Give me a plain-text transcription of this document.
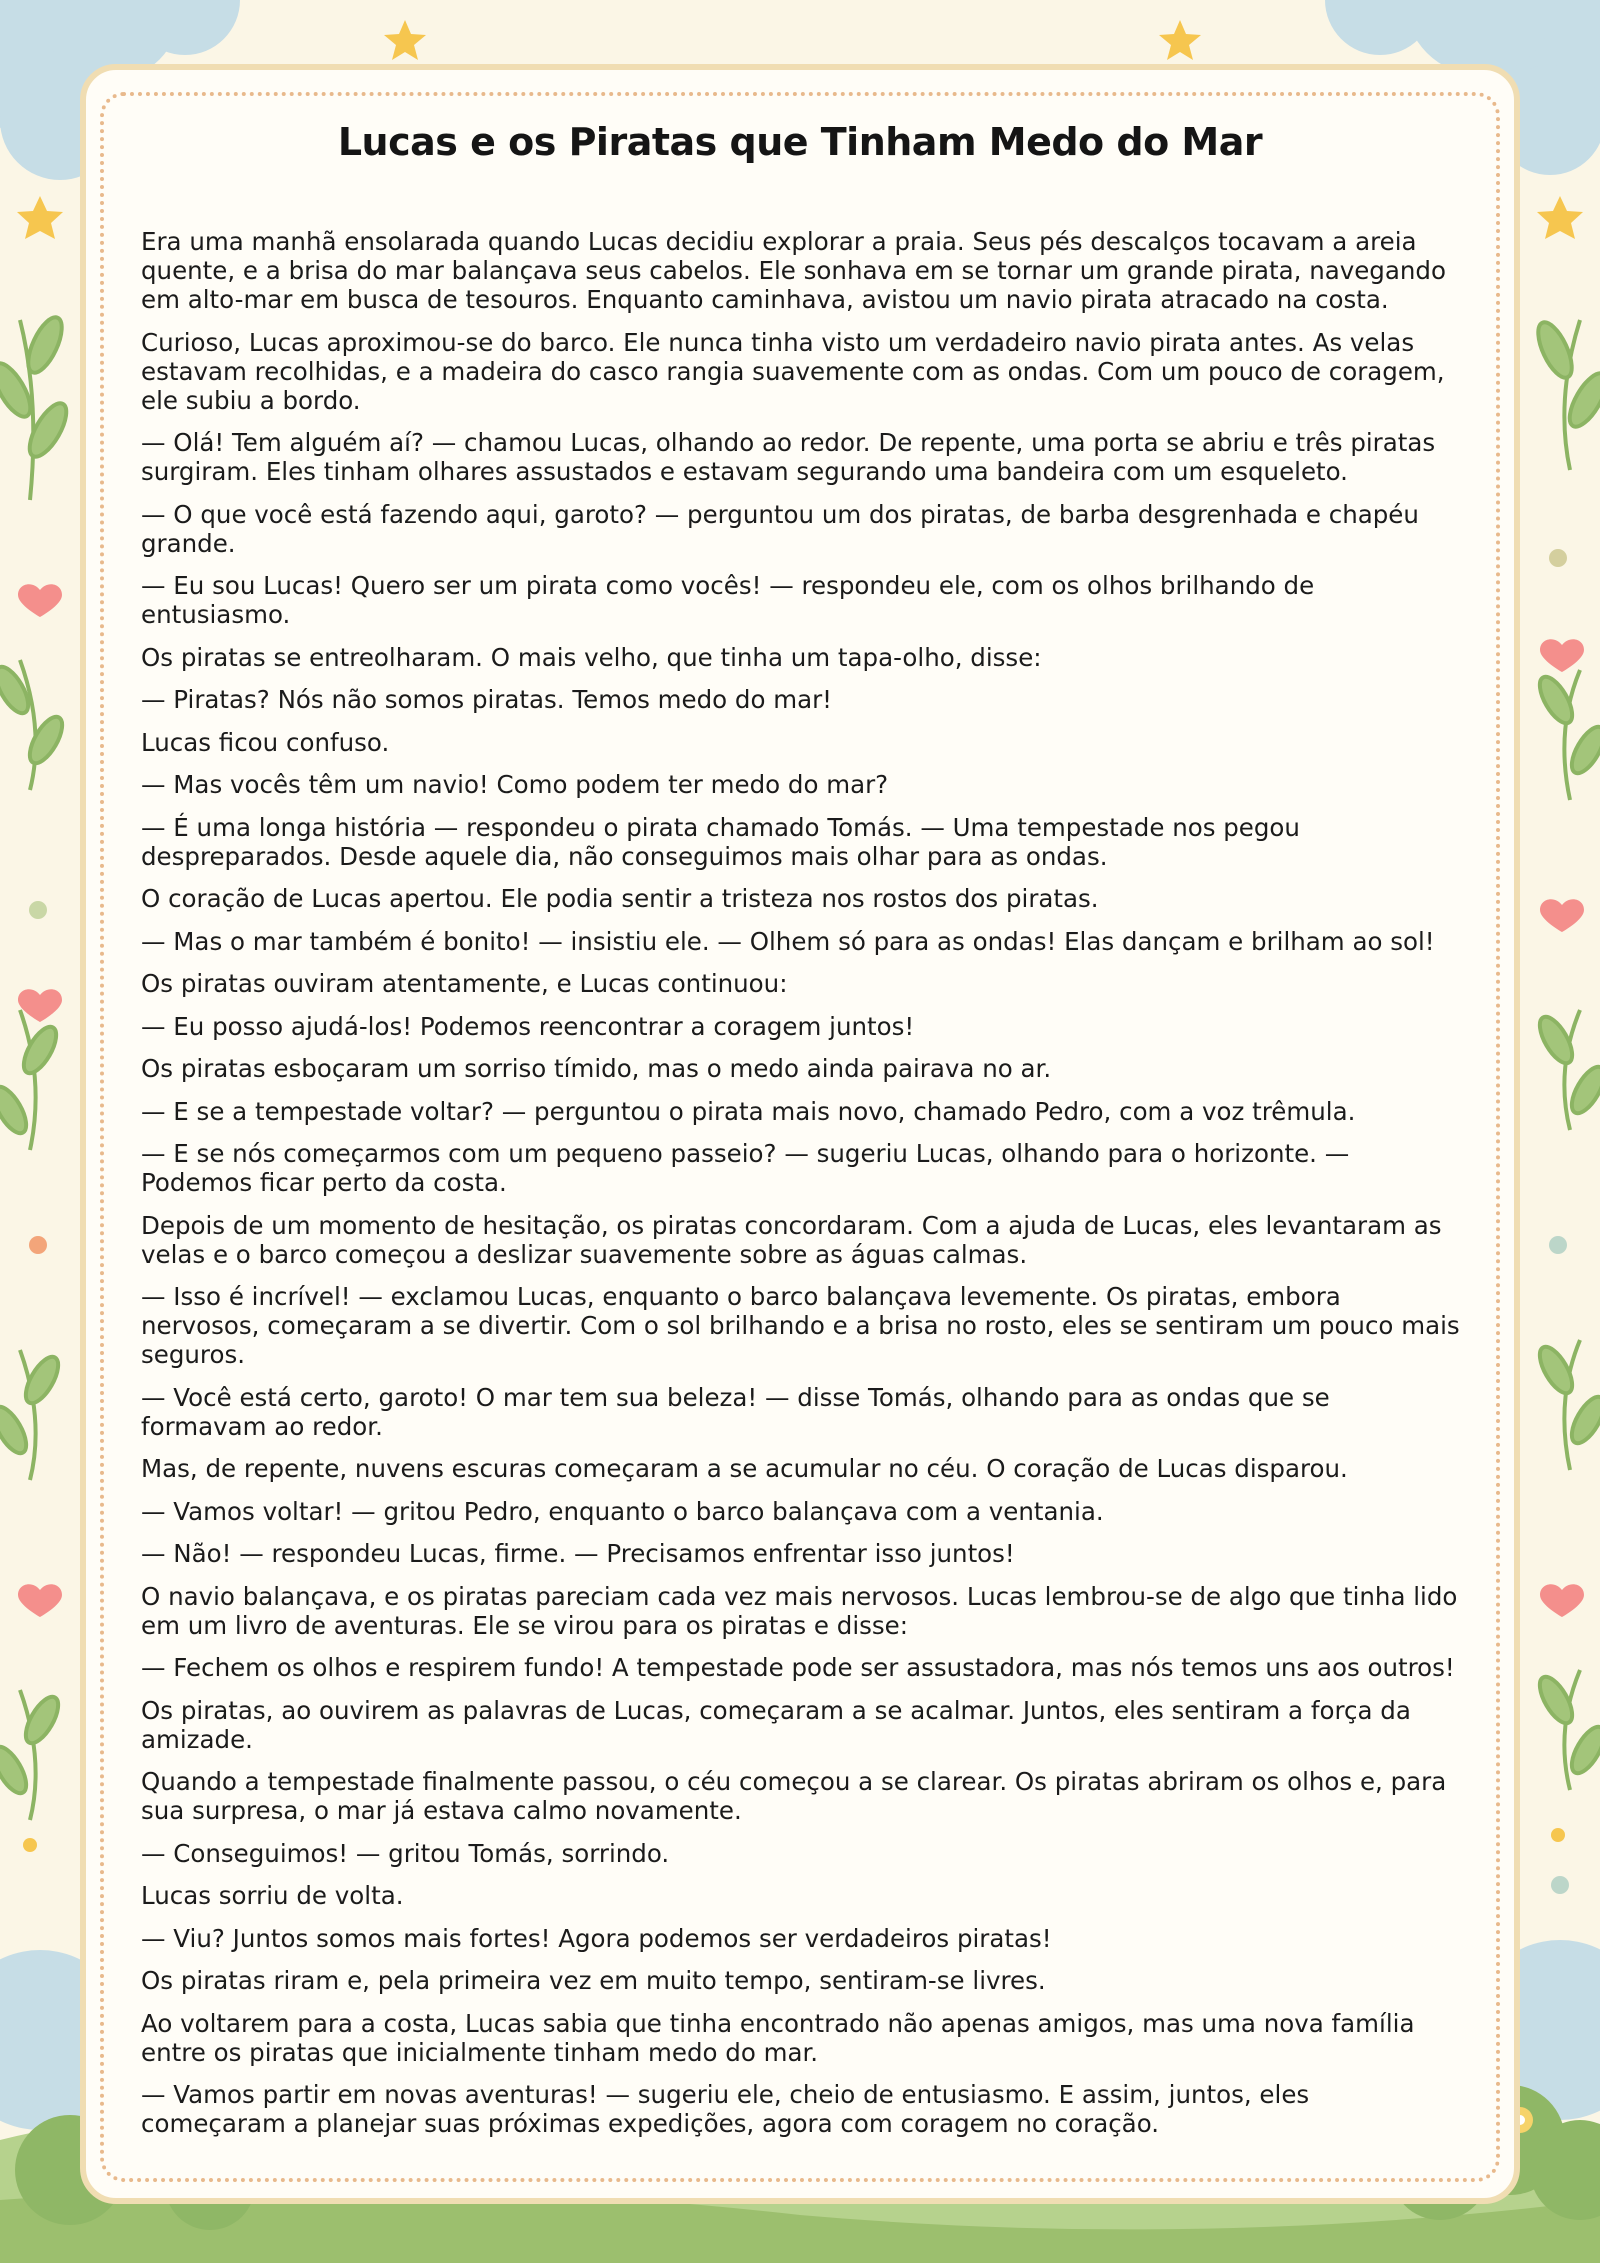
Lucas e os Piratas que Tinham Medo do Mar

Era uma manhã ensolarada quando Lucas decidiu explorar a praia. Seus pés descalços tocavam a areia quente, e a brisa do mar balançava seus cabelos. Ele sonhava em se tornar um grande pirata, navegando em alto-mar em busca de tesouros. Enquanto caminhava, avistou um navio pirata atracado na costa.

Curioso, Lucas aproximou-se do barco. Ele nunca tinha visto um verdadeiro navio pirata antes. As velas estavam recolhidas, e a madeira do casco rangia suavemente com as ondas. Com um pouco de coragem, ele subiu a bordo.

— Olá! Tem alguém aí? — chamou Lucas, olhando ao redor. De repente, uma porta se abriu e três piratas surgiram. Eles tinham olhares assustados e estavam segurando uma bandeira com um esqueleto.

— O que você está fazendo aqui, garoto? — perguntou um dos piratas, de barba desgrenhada e chapéu grande.

— Eu sou Lucas! Quero ser um pirata como vocês! — respondeu ele, com os olhos brilhando de entusiasmo.

Os piratas se entreolharam. O mais velho, que tinha um tapa-olho, disse:

— Piratas? Nós não somos piratas. Temos medo do mar!

Lucas ficou confuso.

— Mas vocês têm um navio! Como podem ter medo do mar?

— É uma longa história — respondeu o pirata chamado Tomás. — Uma tempestade nos pegou despreparados. Desde aquele dia, não conseguimos mais olhar para as ondas.

O coração de Lucas apertou. Ele podia sentir a tristeza nos rostos dos piratas.

— Mas o mar também é bonito! — insistiu ele. — Olhem só para as ondas! Elas dançam e brilham ao sol!

Os piratas ouviram atentamente, e Lucas continuou:

— Eu posso ajudá-los! Podemos reencontrar a coragem juntos!

Os piratas esboçaram um sorriso tímido, mas o medo ainda pairava no ar.

— E se a tempestade voltar? — perguntou o pirata mais novo, chamado Pedro, com a voz trêmula.

— E se nós começarmos com um pequeno passeio? — sugeriu Lucas, olhando para o horizonte. — Podemos ficar perto da costa.

Depois de um momento de hesitação, os piratas concordaram. Com a ajuda de Lucas, eles levantaram as velas e o barco começou a deslizar suavemente sobre as águas calmas.

— Isso é incrível! — exclamou Lucas, enquanto o barco balançava levemente. Os piratas, embora nervosos, começaram a se divertir. Com o sol brilhando e a brisa no rosto, eles se sentiram um pouco mais seguros.

— Você está certo, garoto! O mar tem sua beleza! — disse Tomás, olhando para as ondas que se formavam ao redor.

Mas, de repente, nuvens escuras começaram a se acumular no céu. O coração de Lucas disparou.

— Vamos voltar! — gritou Pedro, enquanto o barco balançava com a ventania.

— Não! — respondeu Lucas, firme. — Precisamos enfrentar isso juntos!

O navio balançava, e os piratas pareciam cada vez mais nervosos. Lucas lembrou-se de algo que tinha lido em um livro de aventuras. Ele se virou para os piratas e disse:

— Fechem os olhos e respirem fundo! A tempestade pode ser assustadora, mas nós temos uns aos outros!

Os piratas, ao ouvirem as palavras de Lucas, começaram a se acalmar. Juntos, eles sentiram a força da amizade.

Quando a tempestade finalmente passou, o céu começou a se clarear. Os piratas abriram os olhos e, para sua surpresa, o mar já estava calmo novamente.

— Conseguimos! — gritou Tomás, sorrindo.

Lucas sorriu de volta.

— Viu? Juntos somos mais fortes! Agora podemos ser verdadeiros piratas!

Os piratas riram e, pela primeira vez em muito tempo, sentiram-se livres.

Ao voltarem para a costa, Lucas sabia que tinha encontrado não apenas amigos, mas uma nova família entre os piratas que inicialmente tinham medo do mar.

— Vamos partir em novas aventuras! — sugeriu ele, cheio de entusiasmo. E assim, juntos, eles começaram a planejar suas próximas expedições, agora com coragem no coração.
